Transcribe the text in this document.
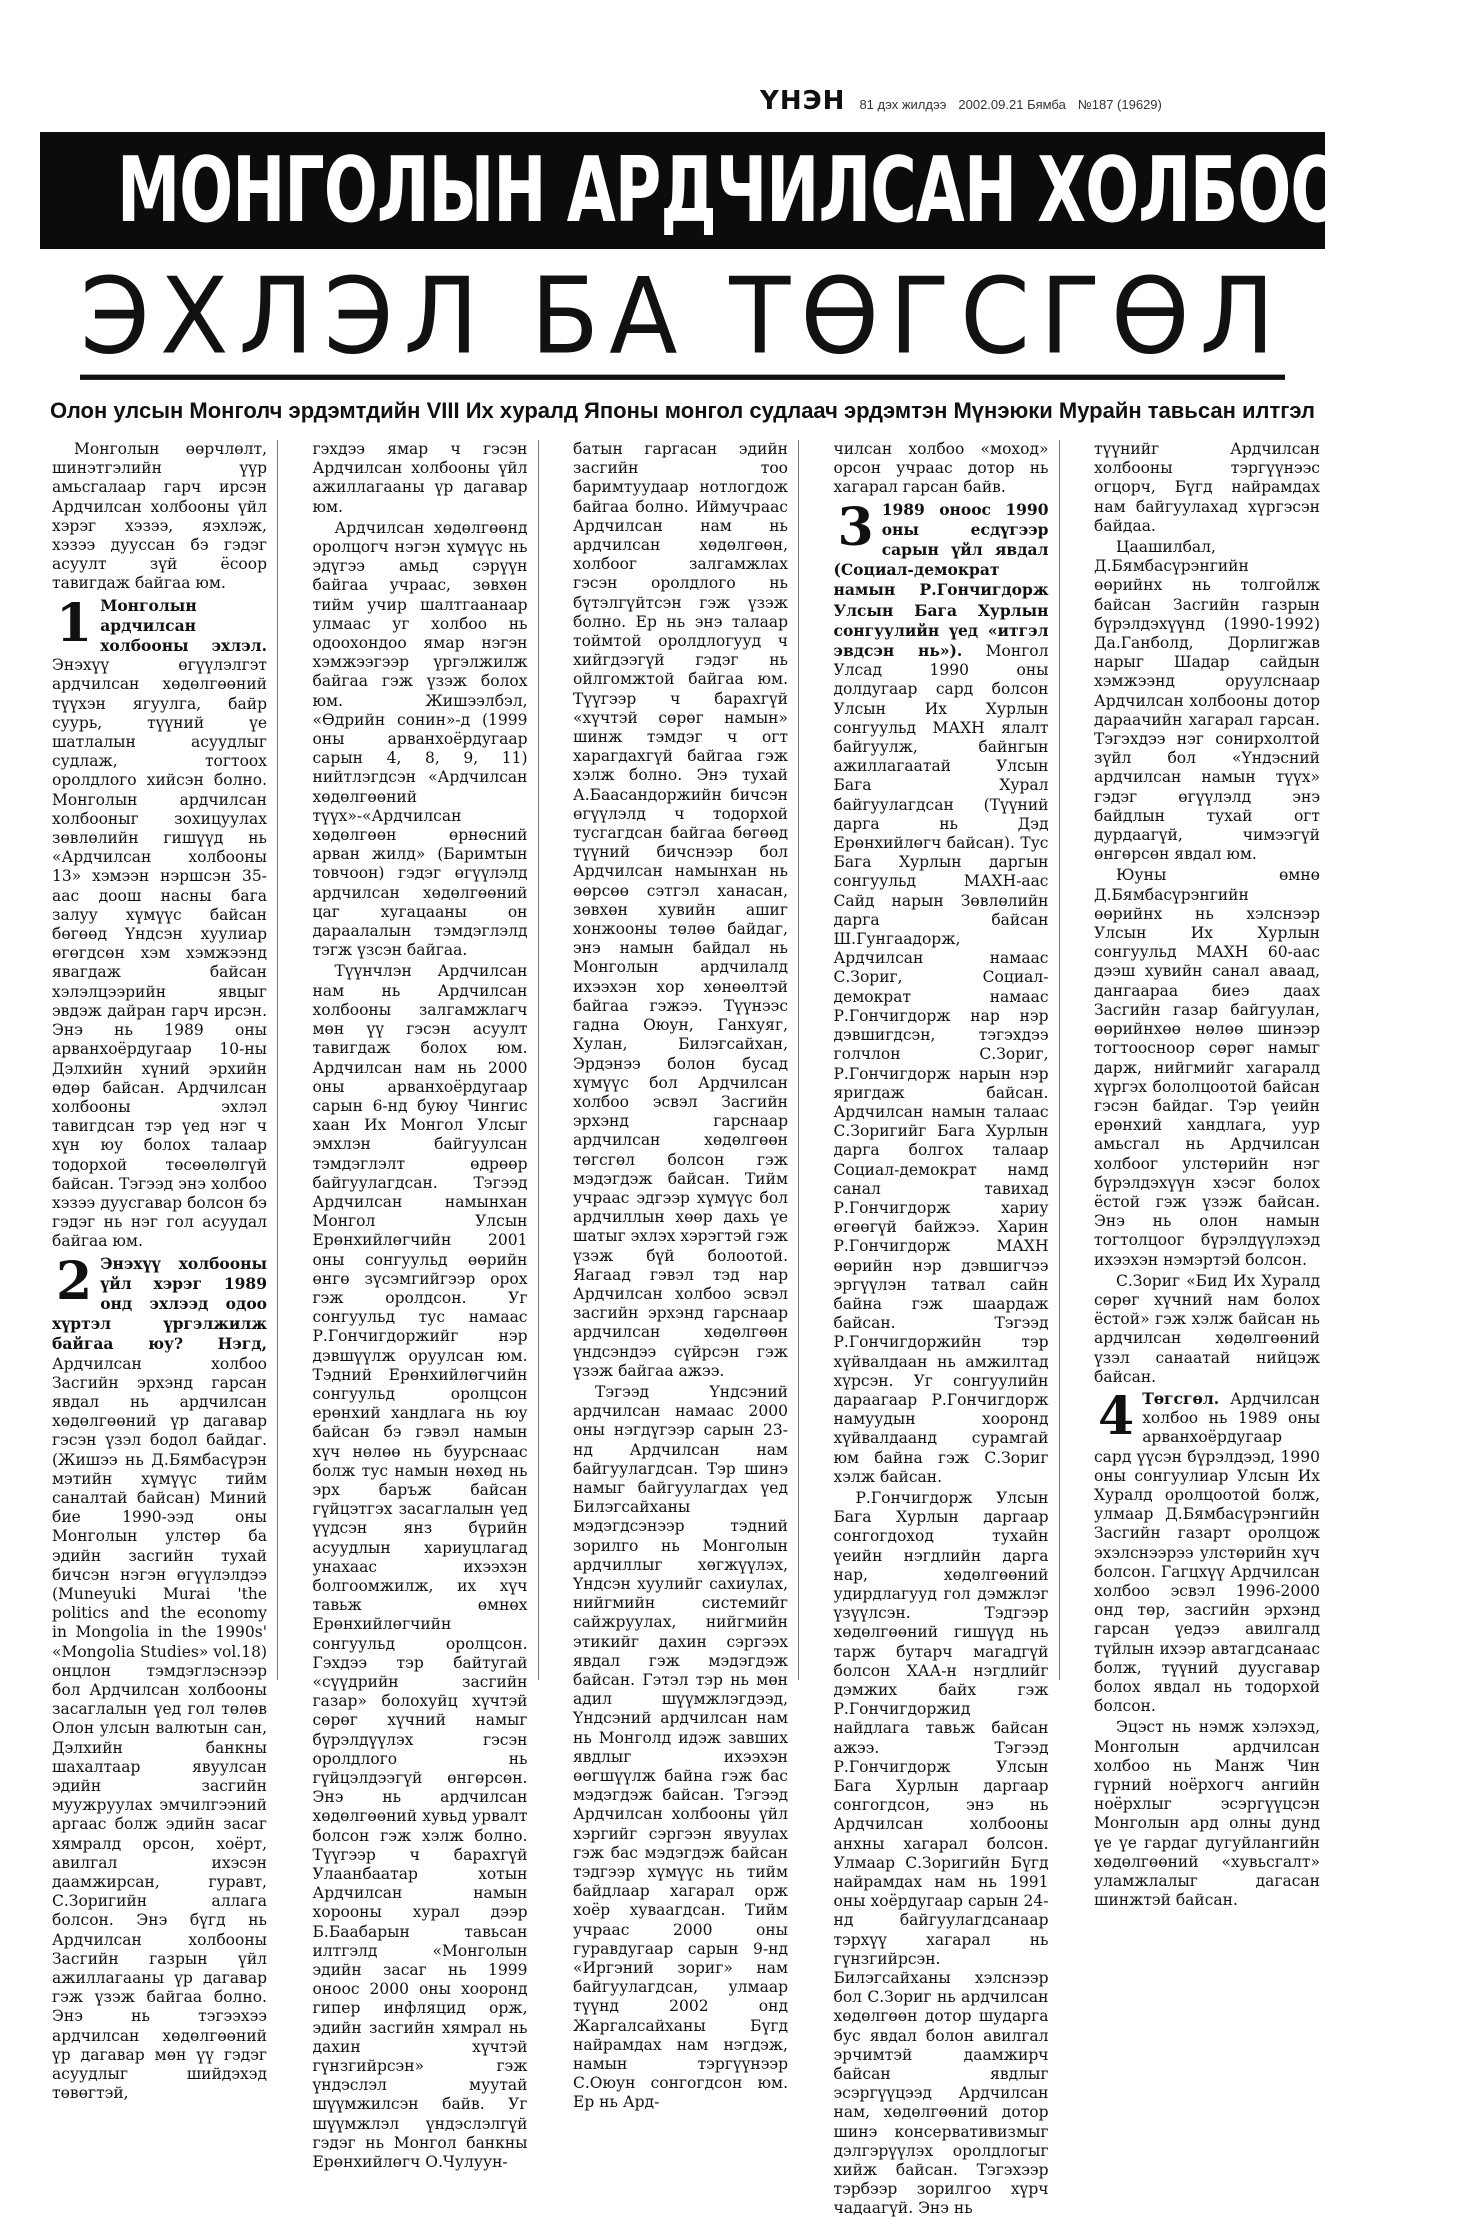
ҮНЭН 81 дэх жилдээ 2002.09.21 Бямба №187 (19629)
МОНГОЛЫН АРДЧИЛСАН ХОЛБООНЫ
ЭХЛЭЛ БА ТӨГСГӨЛ
Олон улсын Монголч эрдэмтдийн VIII Их хуралд Японы монгол судлаач эрдэмтэн Мүнэюки Мурайн тавьсан илтгэл

Монголын өөрчлөлт, шинэтгэлийн үүр амьсгалаар гарч ирсэн Ардчилсан холбооны үйл хэрэг хэзээ, яэхлэж, хэзээ дууссан бэ гэдэг асуулт зүй ёсоор тавигдаж байгаа юм.

1 Монголын ардчилсан холбооны эхлэл. Энэхүү өгүүлэлгэт ардчилсан хөдөлгөөний түүхэн ягуулга, байр суурь, түүний үе шатлалын асуудлыг судлаж, тогтоох оролдлого хийсэн болно. Монголын ардчилсан холбооныг зохицуулах зөвлөлийн гишүүд нь «Ардчилсан холбооны 13» хэмээн нэршсэн 35-аас доош насны бага залуу хүмүүс байсан бөгөөд Үндсэн хуулиар өгөгдсөн хэм хэмжээнд явагдаж байсан хэлэлцээрийн явцыг эвдэж дайран гарч ирсэн. Энэ нь 1989 оны арванхоёрдугаар 10-ны Дэлхийн хүний эрхийн өдөр байсан. Ардчилсан холбооны эхлэл тавигдсан тэр үед нэг ч хүн юу болох талаар тодорхой төсөөлөлгүй байсан. Тэгээд энэ холбоо хэзээ дуусгавар болсон бэ гэдэг нь нэг гол асуудал байгаа юм.

2 Энэхүү холбооны үйл хэрэг 1989 онд эхлээд одоо хүртэл үргэлжилж байгаа юу? Нэгд, Ардчилсан холбоо Засгийн эрхэнд гарсан явдал нь ардчилсан хөдөлгөөний үр дагавар гэсэн үзэл бодол байдаг. (Жишээ нь Д.Бямбасүрэн мэтийн хүмүүс тийм саналтай байсан) Миний бие 1990-ээд оны Монголын улстөр ба эдийн засгийн тухай бичсэн нэгэн өгүүлэлдээ (Muneyuki Murai 'the politics and the economy in Mongolia in the 1990s' «Mongolia Studies» vol.18) онцлон тэмдэглэснээр бол Ардчилсан холбооны засаглалын үед гол төлөв Олон улсын валютын сан, Дэлхийн банкны шахалтаар явуулсан эдийн засгийн муужруулах эмчилгээний аргааc болж эдийн засаг хямралд орсон, хоёрт, авилгал ихэсэн даамжирсан, гуравт, С.Зоригийн аллага болсон. Энэ бүгд нь Ардчилсан холбооны Засгийн газрын үйл ажиллагааны үр дагавар гэж үзэж байгаа болно. Энэ нь тэгээхээ ардчилсан хөдөлгөөний үр дагавар мөн үү гэдэг асуудлыг шийдэхэд төвөгтэй,

гэхдээ ямар ч гэсэн Ардчилсан холбооны үйл ажиллагааны үр дагавар юм.

Ардчилсан хөдөлгөөнд оролцогч нэгэн хүмүүс нь эдүгээ амьд сэрүүн байгаа учраас, зөвхөн тийм учир шалтгаанаар улмаас уг холбоо нь одоохондоо ямар нэгэн хэмжээгээр үргэлжилж байгаа гэж үзэж болох юм. Жишээлбэл, «Өдрийн сонин»-д (1999 оны арванхоёрдугаар сарын 4, 8, 9, 11) нийтлэгдсэн «Ардчилсан хөдөлгөөний түүх»-«Ардчилсан хөдөлгөөн өрнөсний арван жилд» (Баримтын товчоон) гэдэг өгүүлэлд ардчилсан хөдөлгөөний цаг хугацааны он дараалалын тэмдэглэлд тэгж үзсэн байгаа.

Түүнчлэн Ардчилсан нам нь Ардчилсан холбооны залгамжлагч мөн үү гэсэн асуулт тавигдаж болох юм. Ардчилсан нам нь 2000 оны арванхоёрдугаар сарын 6-нд буюу Чингис хаан Их Монгол Улсыг эмхлэн байгуулсан тэмдэглэлт өдрөөр байгуулагдсан. Тэгээд Ардчилсан намынхан Монгол Улсын Ерөнхийлөгчийн 2001 оны сонгуульд өөрийн өнгө зүсэмгийгээр орох гэж оролдсон. Уг сонгуульд тус намаас Р.Гончигдоржийг нэр дэвшүүлж оруулсан юм. Тэдний Ерөнхийлөгчийн сонгуульд оролцсон ерөнхий хандлага нь юу байсан бэ гэвэл намын хүч нөлөө нь буурснаас болж тус намын нөхөд нь эрх баръж байсан гүйцэтгэх засаглалын үед үүдсэн янз бүрийн асуудлын хариуцлагад унахаас ихээхэн болгоомжилж, их хүч тавьж өмнөх Ерөнхийлөгчийн сонгуульд оролцсон. Гэхдээ тэр байтугай «сүүдрийн засгийн газар» болохуйц хүчтэй сөрөг хүчний намыг бүрэлдүүлэх гэсэн оролдлого нь гүйцэлдээгүй өнгөрсөн. Энэ нь ардчилсан хөдөлгөөний хувьд урвалт болсон гэж хэлж болно. Түүгээр ч барахгүй Улаанбаатар хотын Ардчилсан намын хорооны хурал дээр Б.Баабарын тавьсан илтгэлд «Монголын эдийн засаг нь 1999 оноос 2000 оны хооронд гипер инфляцид орж, эдийн засгийн хямрал нь дахин хүчтэй гүнзгийрсэн» гэж үндэслэл муутай шүүмжилсэн байв. Уг шүүмжлэл үндэслэлгүй гэдэг нь Монгол банкны Ерөнхийлөгч О.Чулуун-

батын гаргасан эдийн засгийн тоо баримтуудаар нотлогдож байгаа болно. Иймучраас Ардчилсан нам нь ардчилсан хөдөлгөөн, холбоог залгамжлах гэсэн оролдлого нь бүтэлгүйтсэн гэж үзэж болно. Ер нь энэ талаар тоймтой оролдлогууд ч хийгдээгүй гэдэг нь ойлгомжтой байгаа юм. Түүгээр ч барахгүй «хүчтэй сөрөг намын» шинж тэмдэг ч огт харагдахгүй байгаа гэж хэлж болно. Энэ тухай А.Баасандоржийн бичсэн өгүүлэлд ч тодорхой тусгагдсан байгаа бөгөөд түүний бичснээр бол Ардчилсан намынхан нь өөрсөө сэтгэл ханасан, зөвхөн хувийн ашиг хонжооны төлөө байдаг, энэ намын байдал нь Монголын ардчилалд ихээхэн хор хөнөөлтэй байгаа гэжээ. Түүнээс гадна Оюун, Ганхуяг, Хулан, Билэгсайхан, Эрдэнээ болон бусад хүмүүс бол Ардчилсан холбоо эсвэл Засгийн эрхэнд гарснаар ардчилсан хөдөлгөөн төгсгөл болсон гэж мэдэгдэж байсан. Тийм учраас эдгээр хүмүүс бол ардчиллын хөөр дахь үе шатыг эхлэх хэрэгтэй гэж үзэж бүй болоотой. Яагаад гэвэл тэд нар Ардчилсан холбоо эсвэл засгийн эрхэнд гарснаар ардчилсан хөдөлгөөн үндсэндээ сүйрсэн гэж үзэж байгаа ажээ.

Тэгээд Үндсэний ардчилсан намаас 2000 оны нэгдүгээр сарын 23-нд Ардчилсан нам байгуулагдсан. Тэр шинэ намыг байгуулагдах үед Билэгсайханы мэдэгдсэнээр тэдний зорилго нь Монголын ардчиллыг хөгжүүлэх, Үндсэн хуулийг сахиулах, нийгмийн системийг сайжруулах, нийгмийн этикийг дахин сэргээх явдал гэж мэдэгдэж байсан. Гэтэл тэр нь мөн адил шүүмжлэгдээд, Үндсэний ардчилсан нам нь Монголд идэж завших явдлыг ихээхэн өөгшүүлж байна гэж бас мэдэгдэж байсан. Тэгээд Ардчилсан холбооны үйл хэргийг сэргээн явуулах гэж бас мэдэгдэж байсан тэдгээр хүмүүс нь тийм байдлаар хагарал орж хоёр хуваагдсан. Тийм учраас 2000 оны гуравдугаар сарын 9-нд «Иргэний зориг» нам байгуулагдсан, улмаар түүнд 2002 онд Жаргалсайханы Бүгд найрамдах нам нэгдэж, намын тэргүүнээр С.Оюун сонгогдсон юм. Ер нь Ард-

чилсан холбоо «моход» орсон учраас дотор нь хагарал гарсан байв.

3 1989 оноос 1990 оны есдүгээр сарын үйл явдал (Социал-демократ намын Р.Гончигдорж Улсын Бага Хурлын сонгуулийн үед «итгэл эвдсэн нь»). Монгол Улсад 1990 оны долдугаар сард болсон Улсын Их Хурлын сонгуульд МАХН ялалт байгуулж, байнгын ажиллагаатай Улсын Бага Хурал байгуулагдсан (Түүний дарга нь Дэд Ерөнхийлөгч байсан). Тус Бага Хурлын даргын сонгуульд МАХН-аас Сайд нарын Зөвлөлийн дарга байсан Ш.Гунгаадорж, Ардчилсан намаас С.Зориг, Социал-демократ намаас Р.Гончигдорж нар нэр дэвшигдсэн, тэгэхдээ голчлон С.Зориг, Р.Гончигдорж нарын нэр яригдаж байсан. Ардчилсан намын талаас С.Зоригийг Бага Хурлын дарга болгох талаар Социал-демократ намд санал тавихад Р.Гончигдорж хариу өгөөгүй байжээ. Харин Р.Гончигдорж МАХН өөрийн нэр дэвшигчээ эргүүлэн татвал сайн байна гэж шаардаж байсан. Тэгээд Р.Гончигдоржийн тэр хүйвалдаан нь амжилтад хүрсэн. Уг сонгуулийн дараагаар Р.Гончигдорж намуудын хооронд хүйвалдаанд сурамгай юм байна гэж С.Зориг хэлж байсан.

Р.Гончигдорж Улсын Бага Хурлын даргаар сонгогдоход тухайн үеийн нэгдлийн дарга нар, хөдөлгөөний удирдлагууд гол дэмжлэг үзүүлсэн. Тэдгээр хөдөлгөөний гишүүд нь тарж бутарч магадгүй болсон ХАА-н нэгдлийг дэмжих байх гэж Р.Гончигдоржид найдлага тавьж байсан ажээ. Тэгээд Р.Гончигдорж Улсын Бага Хурлын даргаар сонгогдсон, энэ нь Ардчилсан холбооны анхны хагарал болсон. Улмаар С.Зоригийн Бүгд найрамдах нам нь 1991 оны хоёрдугаар сарын 24-нд байгуулагдсанаар тэрхүү хагарал нь гүнзгийрсэн. Билэгсайханы хэлснээр бол С.Зориг нь ардчилсан хөдөлгөөн дотор шударга бус явдал болон авилгал эрчимтэй даамжирч байсан явдлыг эсэргүүцээд Ардчилсан нам, хөдөлгөөний дотор шинэ консервативизмыг дэлгэрүүлэх оролдлогыг хийж байсан. Тэгэхээр тэрбээр зорилгоо хүрч чадаагүй. Энэ нь

түүнийг Ардчилсан холбооны тэргүүнээс огцорч, Бүгд найрамдах нам байгуулахад хүргэсэн байдаа.

Цаашилбал, Д.Бямбасүрэнгийн өөрийнх нь толгойлж байсан Засгийн газрын бүрэлдэхүүнд (1990-1992) Да.Ганболд, Дорлигжав нарыг Шадар сайдын хэмжээнд оруулснаар Ардчилсан холбооны дотор дараачийн хагарал гарсан. Тэгэхдээ нэг сонирхолтой зүйл бол «Үндэсний ардчилсан намын түүх» гэдэг өгүүлэлд энэ байдлын тухай огт дурдаагүй, чимээгүй өнгөрсөн явдал юм.

Юуны өмнө Д.Бямбасүрэнгийн өөрийнх нь хэлснээр Улсын Их Хурлын сонгуульд МАХН 60-аас дээш хувийн санал аваад, дангаараа биеэ даах Засгийн газар байгуулан, өөрийнхөө нөлөө шинээр тогтоосноор сөрөг намыг дарж, нийгмийг хагаралд хүргэх бололцоотой байсан гэсэн байдаг. Тэр үеийн ерөнхий хандлага, уур амьсгал нь Ардчилсан холбоог улстөрийн нэг бүрэлдэхүүн хэсэг болох ёстой гэж үзэж байсан. Энэ нь олон намын тогтолцоог бүрэлдүүлэхэд ихээхэн нэмэртэй болсон.

С.Зориг «Бид Их Хуралд сөрөг хүчний нам болох ёстой» гэж хэлж байсан нь ардчилсан хөдөлгөөний үзэл санаатай нийцэж байсан.

4 Төгсгөл. Ардчилсан холбоо нь 1989 оны арванхоёрдугаар сард үүсэн бүрэлдээд, 1990 оны сонгуулиар Улсын Их Хуралд оролцоотой болж, улмаар Д.Бямбасүрэнгийн Засгийн газарт оролцож эхэлснээрээ улстөрийн хүч болсон. Гагцхүү Ардчилсан холбоо эсвэл 1996-2000 онд төр, засгийн эрхэнд гарсан үедээ авилгалд түйлын ихээр автагдсанаас болж, түүний дуусгавар болох явдал нь тодорхой болсон.

Эцэст нь нэмж хэлэхэд, Монголын ардчилсан холбоо нь Манж Чин гүрний ноёрхогч ангийн ноёрхлыг эсэргүүцсэн Монголын ард олны дунд үе үе гардаг дугуйлангийн хөдөлгөөний «хувьсгалт» уламжлалыг дагасан шинжтэй байсан.
